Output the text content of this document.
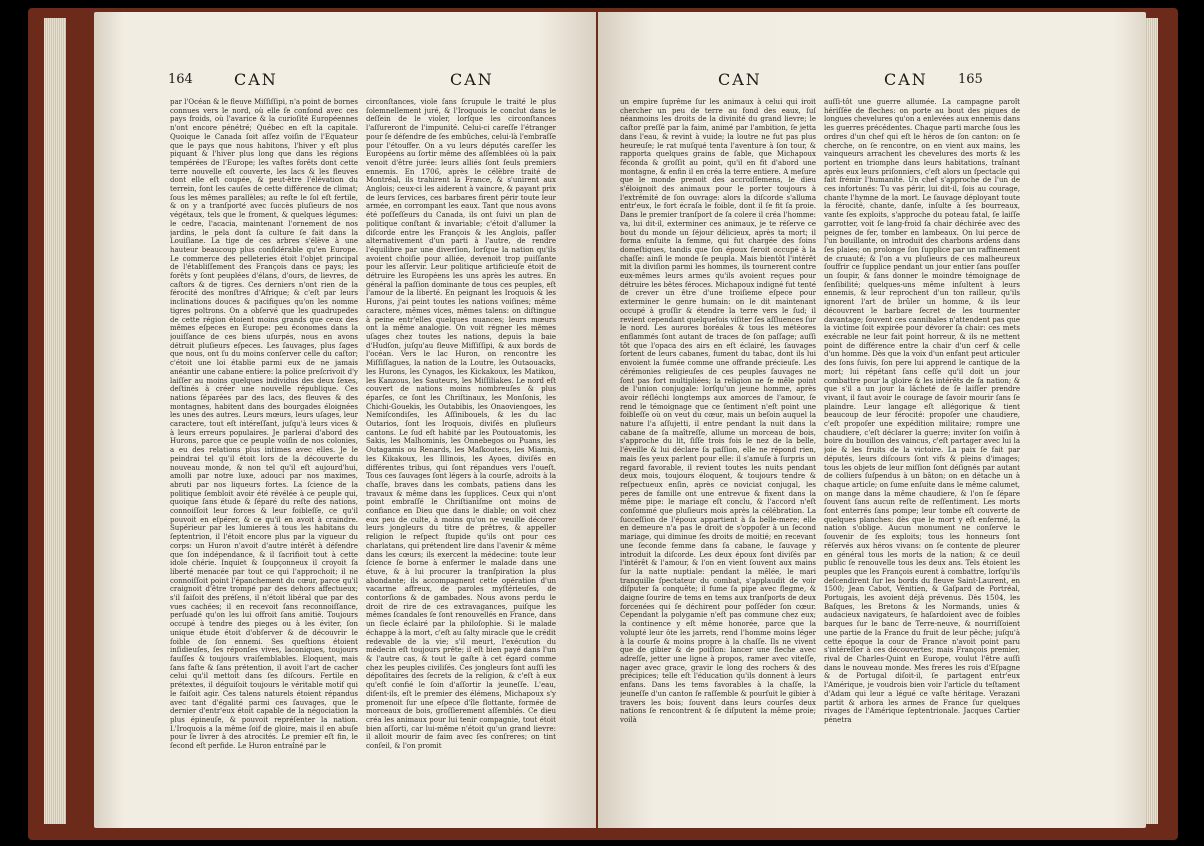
164	CAN	CAN

par l'Océan & le fleuve Miſſiſſipi, n'a point de bornes connues vers le nord, où elle ſe confond avec ces pays froids, où l'avarice & la curioſité Européennes n'ont encore pénétré; Québec en eſt la capitale. Quoique le Canada ſoit aſſez voiſin de l'Equateur que le pays que nous habitons, l'hiver y eſt plus piquant & l'hiver plus long que dans les régions tempérées de l'Europe; les vaſtes forêts dont cette terre nouvelle eſt couverte, les lacs & les fleuves dont elle eſt coupée, & peut-être l'élévation du terrein, font les cauſes de cette différence de climat; ſous les mêmes parallèles; au reſte le ſol eſt fertile, & on y a tranſporté avec ſuccès pluſieurs de nos végétaux, tels que le froment, & quelques légumes: le cedre, l'acacia, maintenant l'ornement de nos jardins, le pela dont ſa culture ſe fait dans la Louiſiane. La tige de ces arbres s'élève à une hauteur beaucoup plus conſidérable qu'en Europe. Le commerce des pelleteries étoit l'objet principal de l'établiſſement des François dans ce pays; les forêts y ſont peuplées d'élans, d'ours, de lievres, de caſtors & de tigres. Ces derniers n'ont rien de la férocité des monſtres d'Afrique; & c'eſt par leurs inclinations douces & pacifiques qu'on les nomme tigres poltrons. On a obſervé que les quadrupedes de cette région étoient moins grands que ceux des mêmes eſpeces en Europe: peu économes dans la jouiſſance de ces biens uſurpés, nous en avons détruit pluſieurs eſpeces. Les ſauvages, plus ſages que nous, ont ſu du moins conſerver celle du caſtor; c'étoit une loi établie parmi eux de ne jamais anéantir une cabane entiere: la police preſcrivoit d'y laiſſer au moins quelques individus des deux ſexes, deſtinés à créer une nouvelle république. Ces nations ſéparées par des lacs, des fleuves & des montagnes, habitent dans des bourgades éloignées les unes des autres. Leurs mœurs, leurs uſages, leur caractere, tout eſt intéreſſant, juſqu'à leurs vices & à leurs erreurs populaires. Je parlerai d'abord des Hurons, parce que ce peuple voiſin de nos colonies, a eu des relations plus intimes avec elles. Je le peindrai tel qu'il étoit lors de la découverte du nouveau monde, & non tel qu'il eſt aujourd'hui, amolli par notre luxe, adouci par nos maximes, abruti par nos liqueurs fortes. La ſcience de la politique ſembloit avoir été révélée à ce peuple qui, quoique ſans étude & ſéparé du reſte des nations, connoiſſoit leur forces & leur foibleſſe, ce qu'il pouvoit en eſpérer, & ce qu'il en avoit à craindre. Supérieur par les lumieres à tous les habitans du ſeptentrion, il l'étoit encore plus par la vigueur du corps: un Huron n'avoit d'autre intérêt à défendre que ſon indépendance, & il ſacrifioit tout à cette idole chérie. Inquiet & ſoupçonneux il croyoit ſa liberté menacée par tout ce qui l'approchoit; il ne connoiſſoit point l'épanchement du cœur, parce qu'il craignoit d'être trompé par des dehors affectueux; s'il ſaiſoit des préſens, il n'étoit libéral que par des vues cachées; il en recevoit ſans reconnoiſſance, perſuadé qu'on les lui offroit ſans amitié. Toujours occupé à tendre des pieges ou à les éviter, ſon unique étude étoit d'obſerver & de découvrir le foible de ſon ennemi. Ses queſtions étoient inſidieuſes, ſes réponſes vives, laconiques, toujours fauſſes & toujours vraiſemblables. Eloquent, mais ſans faſte & ſans prétention, il avoit l'art de cacher celui qu'il mettoit dans ſes diſcours. Fertile en prétextes, il déguiſoit toujours le véritable motif qui le faiſoit agir. Ces talens naturels étoient répandus avec tant d'égalité parmi ces ſauvages, que le dernier d'entr'eux étoit capable de la négociation la plus épineuſe, & pouvoit repréſenter la nation. L'Iroquois a la même ſoif de gloire, mais il en abuſe pour ſe livrer à des atrocités. Le premier eſt fin, le ſecond eſt perfide. Le Huron entraîné par le

circonſtances, viole ſans ſcrupule le traité le plus ſolemnellement juré, & l'Iroquois le conclut dans le deſſein de le violer, lorſque les circonſtances l'aſſureront de l'impunité. Celui-ci careſſe l'étranger pour ſe défendre de ſes embûches, celui-là l'embraſſe pour l'étouffer. On a vu leurs députés careſſer les Européens au ſortir même des aſſemblées où la paix venoit d'être jurée: leurs alliés ſont ſeuls premiers ennemis. En 1706, après le célèbre traité de Montréal, ils trahirent la France, & s'unirent aux Anglois; ceux-ci les aiderent à vaincre, & payant prix de leurs ſervices, ces barbares firent périr toute leur armée, en corrompant les eaux. Tant que nous avons été poſſeſſeurs du Canada, ils ont ſuivi un plan de politique conſtant & invariable; c'étoit d'allumer la diſcorde entre les François & les Anglois, paſſer alternativement d'un parti à l'autre, de rendre l'équilibre par une diverſion, lorſque la nation qu'ils avoient choiſie pour alliée, devenoit trop puiſſante pour les aſſervir. Leur politique artificieuſe étoit de détruire les Européens les uns après les autres. En général la paſſion dominante de tous ces peuples, eſt l'amour de la liberté. En peignant les Iroquois & les Hurons, j'ai peint toutes les nations voiſines; même caractere, mêmes vices, mêmes talens: on diſtingue à peine entr'elles quelques nuances; leurs mœurs ont la même analogie. On voit régner les mêmes uſages chez toutes les nations, depuis la baie d'Hudſon, juſqu'au fleuve Miſſiſſipi, & aux bords de l'océan. Vers le lac Huron, on rencontre les Miſſiſſagues, la nation de la Loutre, les Outaouacks, les Hurons, les Cynagos, les Kickakoux, les Matikou, les Kanzous, les Sauteurs, les Miſſiliakes. Le nord eſt couvert de nations moins nombreuſes & plus éparſes, ce ſont les Chriſtinaux, les Monſonis, les Chichi-Gouekis, les Outabibis, les Onaoviengoes, les Nemiſcondiſes, les Aſſinibouels, & les du lac Outarios, ſont les Iroquois, diviſés en pluſieurs cantons. Le ſud eſt habité par les Poutouatomis, les Sakis, les Malhominis, les Onnebegos ou Puans, les Outagamis ou Renards, les Maſkoutecs, les Miamis, les Kikakoux, les Illinois, les Ayoes, diviſés en différentes tribus, qui ſont répandues vers l'oueſt. Tous ces ſauvages ſont légers à la courſe, adroits à la chaſſe, braves dans les combats, patiens dans les travaux & même dans les ſupplices. Ceux qui n'ont point embraſſé le Chriſtianiſme ont moins de confiance en Dieu que dans le diable; on voit chez eux peu de culte, à moins qu'on ne veuille décorer leurs jongleurs du titre de prêtres, & appeller religion le reſpect ſtupide qu'ils ont pour ces charlatans, qui prétendent lire dans l'avenir & même dans les cœurs; ils exercent la médecine: toute leur ſcience ſe borne à enfermer le malade dans une étuve, & à lui procurer la tranſpiration la plus abondante; ils accompagnent cette opération d'un vacarme affreux, de paroles myſtérieuſes, de contorſions & de gambades. Nous avons perdu le droit de rire de ces extravagances, puiſque les mêmes ſcandales ſe ſont renouvellés en France, dans un ſiecle éclairé par la philoſophie. Si le malade échappe à la mort, c'eſt au ſalty miracle que le crédit redevable de la vie; s'il meurt, l'exécution du médecin eſt toujours prête; il eſt bien payé dans l'un & l'autre cas, & tout le gaſte à cet égard comme chez les peuples civiliſés. Ces jongleurs ſont auſſi les dépoſitaires des ſecrets de la religion, & c'eſt à eux qu'eſt confié le ſoin d'aſſortir la jeuneſſe. L'eau, diſent-ils, eſt le premier des élémens, Michapoux s'y promenoit ſur une eſpece d'île flottante, formée de morceaux de bois, groſſierement aſſemblés. Ce dieu créa les animaux pour lui tenir compagnie, tout étoit bien aſſorti, car lui-même n'étoit qu'un grand lievre: il alloit mourir de faim avec ſes conſreres; on tint conſeil, & l'on promit

CAN	CAN 165

un empire ſuprême ſur les animaux à celui qui iroit chercher un peu de terre au fond des eaux, ſuſ néanmoins les droits de la divinité du grand lievre; le caſtor preſſé par la faim, animé par l'ambition, ſe jetta dans l'eau, & revint à vuide; la loutre ne fut pas plus heureuſe; le rat muſqué tenta l'aventure à ſon tour, & rapporta quelques grains de ſable, que Michapoux féconda & groſſit au point, qu'il en fit d'abord une montagne, & enfin il en créa la terre entiere. A meſure que le monde prenoit des accroiſſemens, le dieu s'éloignoit des animaux pour le porter toujours à l'extrémité de ſon ouvrage: alors la diſcorde s'alluma entr'eux, le fort écraſa le foible, dont il ſe fit ſa proie. Dans le premier tranſport de ſa colere il créa l'homme: va, lui dit-il, exterminer ces animaux, je te réſerve ce bout du monde un ſéjour délicieux, après ta mort; il forma enſuite la femme, qui fut chargée des ſoins domeſtiques, tandis que ſon époux ſeroit occupé à la chaſſe: ainſi le monde ſe peupla. Mais bientôt l'intérêt mit la diviſion parmi les hommes, ils tournerent contre eux-mêmes leurs armes qu'ils avoient reçues pour détruire les bêtes féroces. Michapoux indigné fut tenté de crever un être d'une troiſieme eſpece pour exterminer le genre humain: on le dit maintenant occupé à groſſir & étendre la terre vers le ſud; il revient cependant quelquefois viſiter ſes aſſluences ſur le nord. Les aurores boréales & tous les météores enflammés ſont autant de traces de ſon paſſage; auſſi tôt que l'opaca des airs en eſt éclairé, les ſauvages ſortent de leurs cabanes, fument du tabac, dont ils lui envoient la fumée comme une offrande précieuſe. Les cérémonies religieuſes de ces peuples ſauvages ne ſont pas fort multipliées; la religion ne ſe mêle point de l'union conjugale: lorſqu'un jeune homme, après avoir réſléchi longtemps aux amorces de l'amour, ſe rend le témoignage que ce ſentiment n'eſt point une foibleſſe où on veut du cœur, mais un beſoin auquel la nature l'a aſſujetti, il entre pendant la nuit dans la cabane de ſa maîtreſſe, allume un morceau de bois, s'approche du lit, ſiſſe trois fois le nez de la belle, l'éveille & lui déclare ſa paſſion, elle ne répond rien, mais ſes yeux parlent pour elle: il s'amuſe à ſurpris un regard favorable, il revient toutes les nuits pendant deux mois, toujours éloquent, & toujours tendre & reſpectueux enſin, après ce noviciat conjugal, les peres de famille ont une entrevue & fixent dans la même pipe: le mariage eſt conclu, & l'accord n'eſt conſommé que pluſieurs mois après la célébration. La ſucceſſion de l'époux appartient à ſa belle-mere; elle en demeure n'a pas le droit de s'oppoſer à un ſecond mariage, qui diminue ſes droits de moitié; en recevant une ſeconde femme dans ſa cabane, le ſauvage y introduit la diſcorde. Les deux époux ſont diviſés par l'intérêt & l'amour, & l'on en vient ſouvent aux mains ſur la natte nuptiale: pendant la mêlée, le mari tranquille ſpectateur du combat, s'applaudit de voir diſputer ſa conquête; il fume ſa pipe avec flegme, & daigne ſourire de tems en tems aux tranſports de deux forcenées qui ſe déchirent pour poſſéder ſon cœur. Cependant la polygamie n'eſt pas commune chez eux; la continence y eſt même honorée, parce que la volupté leur ôte les jarrets, rend l'homme moins léger à la courſe & moins propre à la chaſſe. Ils ne vivent que de gibier & de poiſſon: lancer une fleche avec adreſſe, jetter une ligne à propos, ramer avec viteſſe, nager avec grace, gravir le long des rochers & des précipices; telle eſt l'éducation qu'ils donnent à leurs enfans. Dans les tems favorables à la chaſſe, la jeuneſſe d'un canton ſe raſſemble & pourſuit le gibier à travers les bois; ſouvent dans leurs courſes deux nations ſe rencontrent & ſe diſputent la même proie; voilà

auſſi-tôt une guerre allumée. La campagne paroît hériſſée de fleches: on porte au bout des piques de longues chevelures qu'on a enlevées aux ennemis dans les guerres précédentes. Chaque parti marche ſous les ordres d'un chef qui eſt le héros de ſon canton: on ſe cherche, on ſe rencontre, on en vient aux mains, les vainqueurs arrachent les chevelures des morts & les portent en triomphe dans leurs habitations, traînant après eux leurs priſonniers, c'eſt alors un ſpectacle qui fait frémir l'humanité. Un chef s'approche de l'un de ces infortunés: Tu vas périr, lui dit-il, ſois au courage, chante l'hymne de la mort. Le ſauvage déployant toute la férocité, chante, danſe, inſulte à ſes bourreaux, vante ſes exploits, s'approche du poteau fatal, ſe laiſſe garrotter, voit ſe lang-froid ſa chair déchirée avec des peignes de fer, tomber en lambeaux. On lui perce de l'un bouillante, on introduit des charbons ardens dans ſes plaies; on prolonge ſon ſupplice par un raffinement de cruauté; & l'on a vu pluſieurs de ces malheureux ſouffrir ce ſupplice pendant un jour entier ſans pouſſer un ſoupir, & ſans donner le moindre témoignage de ſenſibilité; quelques-uns même inſultent à leurs ennemis, & leur reprochent d'un ton railleur, qu'ils ignorent l'art de brûler un homme, & ils leur découvrent le barbare ſecret de les tourmenter davantage; ſouvent ces cannibales n'attendent pas que la victime ſoit expirée pour dévorer ſa chair: ces mets exécrable ne leur fait point horreur, & ils ne mettent point de différence entre la chair d'un cerf & celle d'un homme. Dès que la voix d'un enfant peut articuler des ſons ſuivis, ſon pere lui apprend le cantique de la mort; lui répétant ſans ceſſe qu'il doit un jour combattre pour la gloire & les intérêts de ſa nation; & que s'il a un jour la lâcheté de ſe laiſſer prendre vivant, il faut avoir le courage de ſavoir mourir ſans ſe plaindre. Leur langage eſt allégorique & tient beaucoup de leur férocité: propoſer une chaudiere, c'eſt propoſer une expédition militaire; rompre une chaudiere, c'eſt déclarer la guerre; inviter ſon voiſin à boire du bouillon des vaincus, c'eſt partager avec lui la joie & les fruits de la victoire. La paix ſe fait par députés, leurs diſcours ſont vifs & pleins d'images; tous les objets de leur miſſion ſont déſignés par autant de colliers ſuſpendus à un bâton; on en détache un à chaque article; on ſume enſuite dans le même calumet, on mange dans la même chaudiere, & l'on ſe ſépare ſouvent ſans aucun reſte de reſſentiment. Les morts ſont enterrés ſans pompe; leur tombe eſt couverte de quelques planches: dès que le mort y eſt enfermé, la nation s'oblige. Aucun monument ne conſerve le ſouvenir de ſes exploits; tous les honneurs ſont réſervés aux héros vivans: on ſe contente de pleurer en général tous les morts de la nation; & ce deuil public ſe renouvelle tous les deux ans. Tels étoient les peuples que les François eurent à combattre, lorſqu'ils deſcendirent ſur les bords du fleuve Saint-Laurent, en 1500; Jean Cabot, Vénitien, & Gaſpard de Portréal, Portugais, les avoient déjà prévenus. Dès 1504, les Baſques, les Bretons & les Normands, unies & audacieux navigateurs, ſe haſardoient avec de foibles barques ſur le banc de Terre-neuve, & nourriſſoient une partie de la France du fruit de leur pêche; juſqu'à cette époque la cour de France n'avoit point paru s'intéreſſer à ces découvertes; mais François premier, rival de Charles-Quint en Europe, voulut l'être auſſi dans le nouveau monde. Mes freres les rois d'Eſpagne & de Portugal diſoit-il, ſe partagent entr'eux l'Amérique, je voudrois bien voir l'article du teſtament d'Adam qui leur a légué ce vaſte héritage. Verazani partit & arbora les armes de France ſur quelques rivages de l'Amérique ſeptentrionale. Jacques Cartier pénetra
